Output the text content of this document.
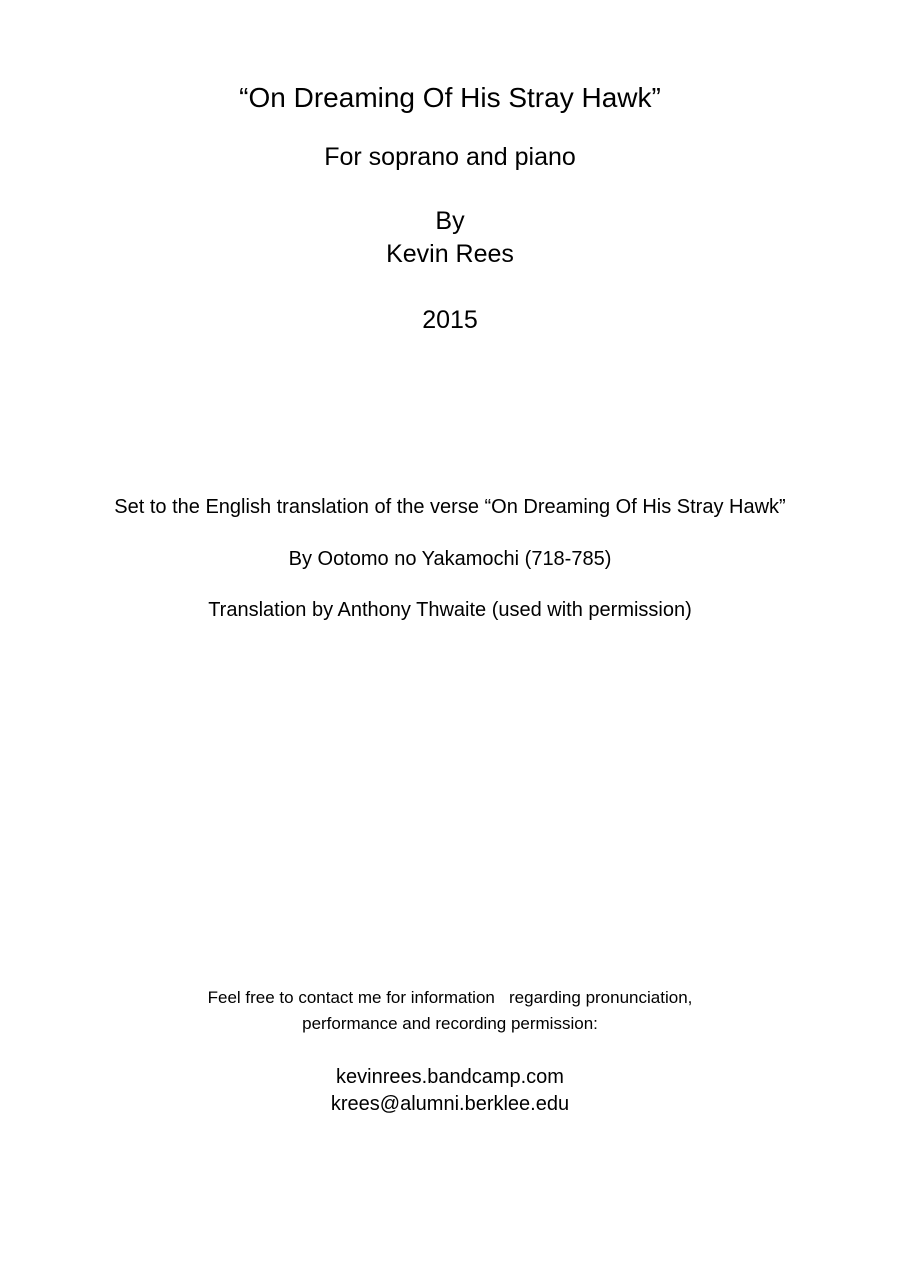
“On Dreaming Of His Stray Hawk”
For soprano and piano
By
Kevin Rees
2015
Set to the English translation of the verse “On Dreaming Of His Stray Hawk”
By Ootomo no Yakamochi (718-785)
Translation by Anthony Thwaite (used with permission)
Feel free to contact me for information   regarding pronunciation,
performance and recording permission:
kevinrees.bandcamp.com
krees@alumni.berklee.edu
